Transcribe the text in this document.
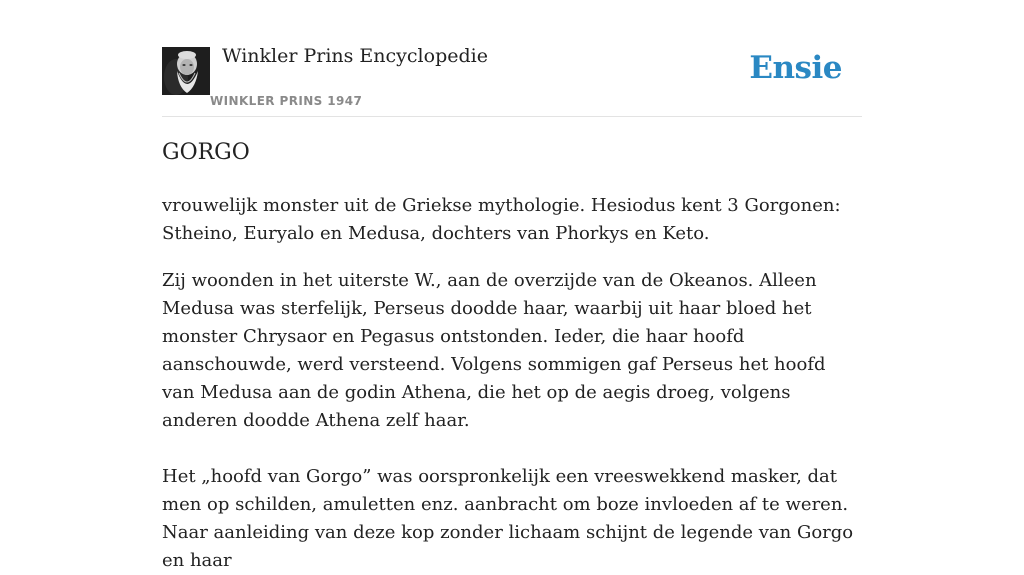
Winkler Prins Encyclopedie
WINKLER PRINS 1947
Ensie
GORGO

vrouwelijk monster uit de Griekse mythologie. Hesiodus kent 3 Gorgonen: Stheino, Euryalo en Medusa, dochters van Phorkys en Keto.

Zij woonden in het uiterste W., aan de overzijde van de Okeanos. Alleen Medusa was sterfelijk, Perseus doodde haar, waarbij uit haar bloed het monster Chrysaor en Pegasus ontstonden. Ieder, die haar hoofd aanschouwde, werd versteend. Volgens sommigen gaf Perseus het hoofd van Medusa aan de godin Athena, die het op de aegis droeg, volgens anderen doodde Athena zelf haar.

Het „hoofd van Gorgo” was oorspronkelijk een vreeswekkend masker, dat men op schilden, amuletten enz. aanbracht om boze invloeden af te weren. Naar aanleiding van deze kop zonder lichaam schijnt de legende van Gorgo en haar
